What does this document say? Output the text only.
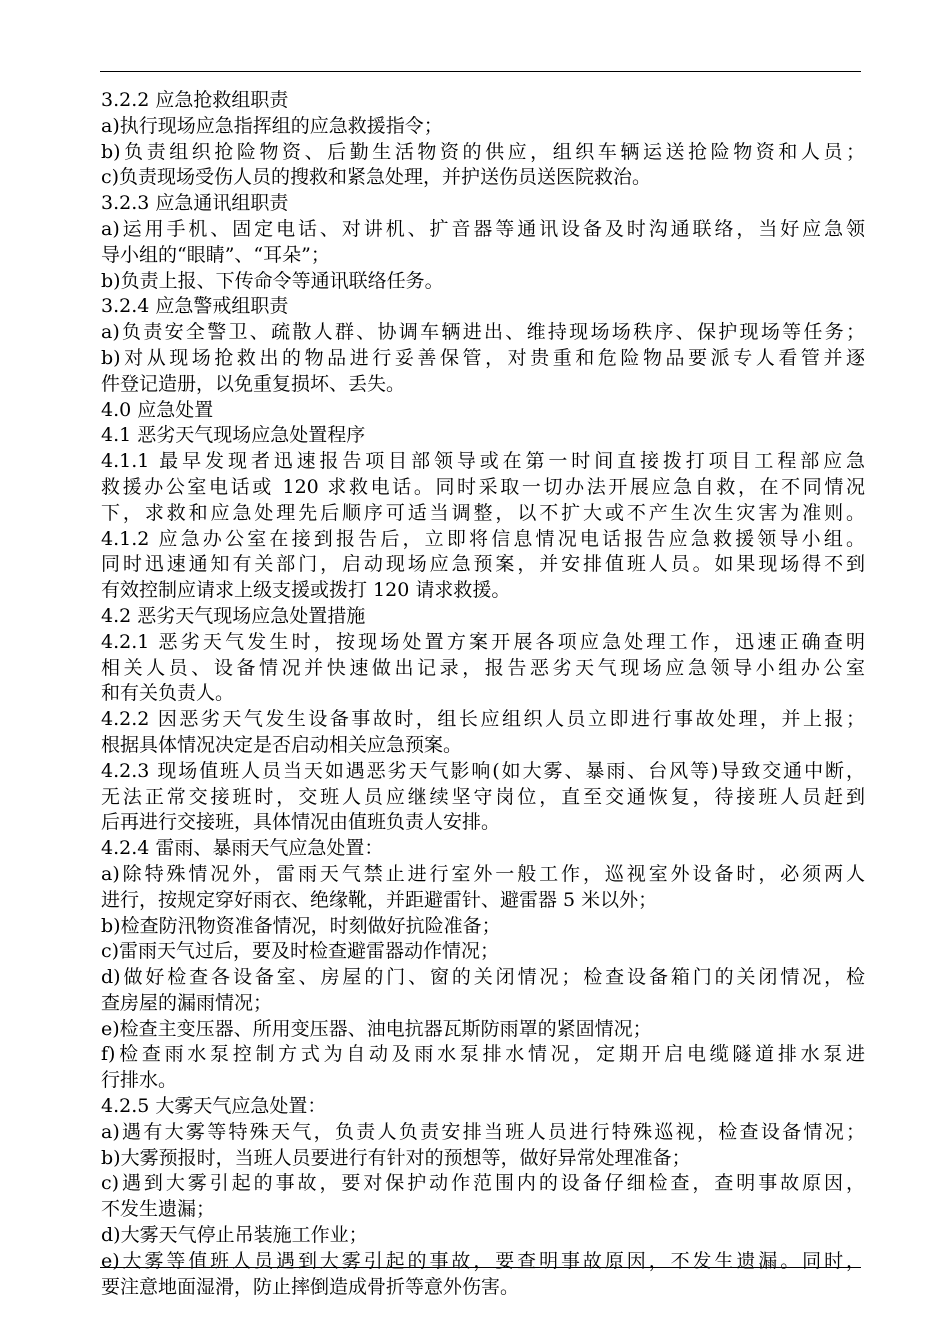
3.2.2 应急抢救组职责
a)执行现场应急指挥组的应急救援指令；
b)负责组织抢险物资、后勤生活物资的供应，组织车辆运送抢险物资和人员；
c)负责现场受伤人员的搜救和紧急处理，并护送伤员送医院救治。
3.2.3 应急通讯组职责
a)运用手机、固定电话、对讲机、扩音器等通讯设备及时沟通联络，当好应急领
导小组的“眼睛”、“耳朵”；
b)负责上报、下传命令等通讯联络任务。
3.2.4 应急警戒组职责
a)负责安全警卫、疏散人群、协调车辆进出、维持现场场秩序、保护现场等任务；
b)对从现场抢救出的物品进行妥善保管，对贵重和危险物品要派专人看管并逐
件登记造册，以免重复损坏、丢失。
4.0 应急处置
4.1 恶劣天气现场应急处置程序
4.1.1 最早发现者迅速报告项目部领导或在第一时间直接拨打项目工程部应急
救援办公室电话或 120 求救电话。同时采取一切办法开展应急自救，在不同情况
下，求救和应急处理先后顺序可适当调整，以不扩大或不产生次生灾害为准则。
4.1.2 应急办公室在接到报告后，立即将信息情况电话报告应急救援领导小组。
同时迅速通知有关部门，启动现场应急预案，并安排值班人员。如果现场得不到
有效控制应请求上级支援或拨打 120 请求救援。
4.2 恶劣天气现场应急处置措施
4.2.1 恶劣天气发生时，按现场处置方案开展各项应急处理工作，迅速正确查明
相关人员、设备情况并快速做出记录，报告恶劣天气现场应急领导小组办公室
和有关负责人。
4.2.2 因恶劣天气发生设备事故时，组长应组织人员立即进行事故处理，并上报；
根据具体情况决定是否启动相关应急预案。
4.2.3 现场值班人员当天如遇恶劣天气影响(如大雾、暴雨、台风等)导致交通中断，
无法正常交接班时，交班人员应继续坚守岗位，直至交通恢复，待接班人员赶到
后再进行交接班，具体情况由值班负责人安排。
4.2.4 雷雨、暴雨天气应急处置：
a)除特殊情况外，雷雨天气禁止进行室外一般工作，巡视室外设备时，必须两人
进行，按规定穿好雨衣、绝缘靴，并距避雷针、避雷器 5 米以外；
b)检查防汛物资准备情况，时刻做好抗险准备；
c)雷雨天气过后，要及时检查避雷器动作情况；
d)做好检查各设备室、房屋的门、窗的关闭情况；检查设备箱门的关闭情况，检
查房屋的漏雨情况；
e)检查主变压器、所用变压器、油电抗器瓦斯防雨罩的紧固情况；
f)检查雨水泵控制方式为自动及雨水泵排水情况，定期开启电缆隧道排水泵进
行排水。
4.2.5 大雾天气应急处置：
a)遇有大雾等特殊天气，负责人负责安排当班人员进行特殊巡视，检查设备情况；
b)大雾预报时，当班人员要进行有针对的预想等，做好异常处理准备；
c)遇到大雾引起的事故，要对保护动作范围内的设备仔细检查，查明事故原因，
不发生遗漏；
d)大雾天气停止吊装施工作业；
e)大雾等值班人员遇到大雾引起的事故，要查明事故原因，不发生遗漏。同时，
要注意地面湿滑，防止摔倒造成骨折等意外伤害。
